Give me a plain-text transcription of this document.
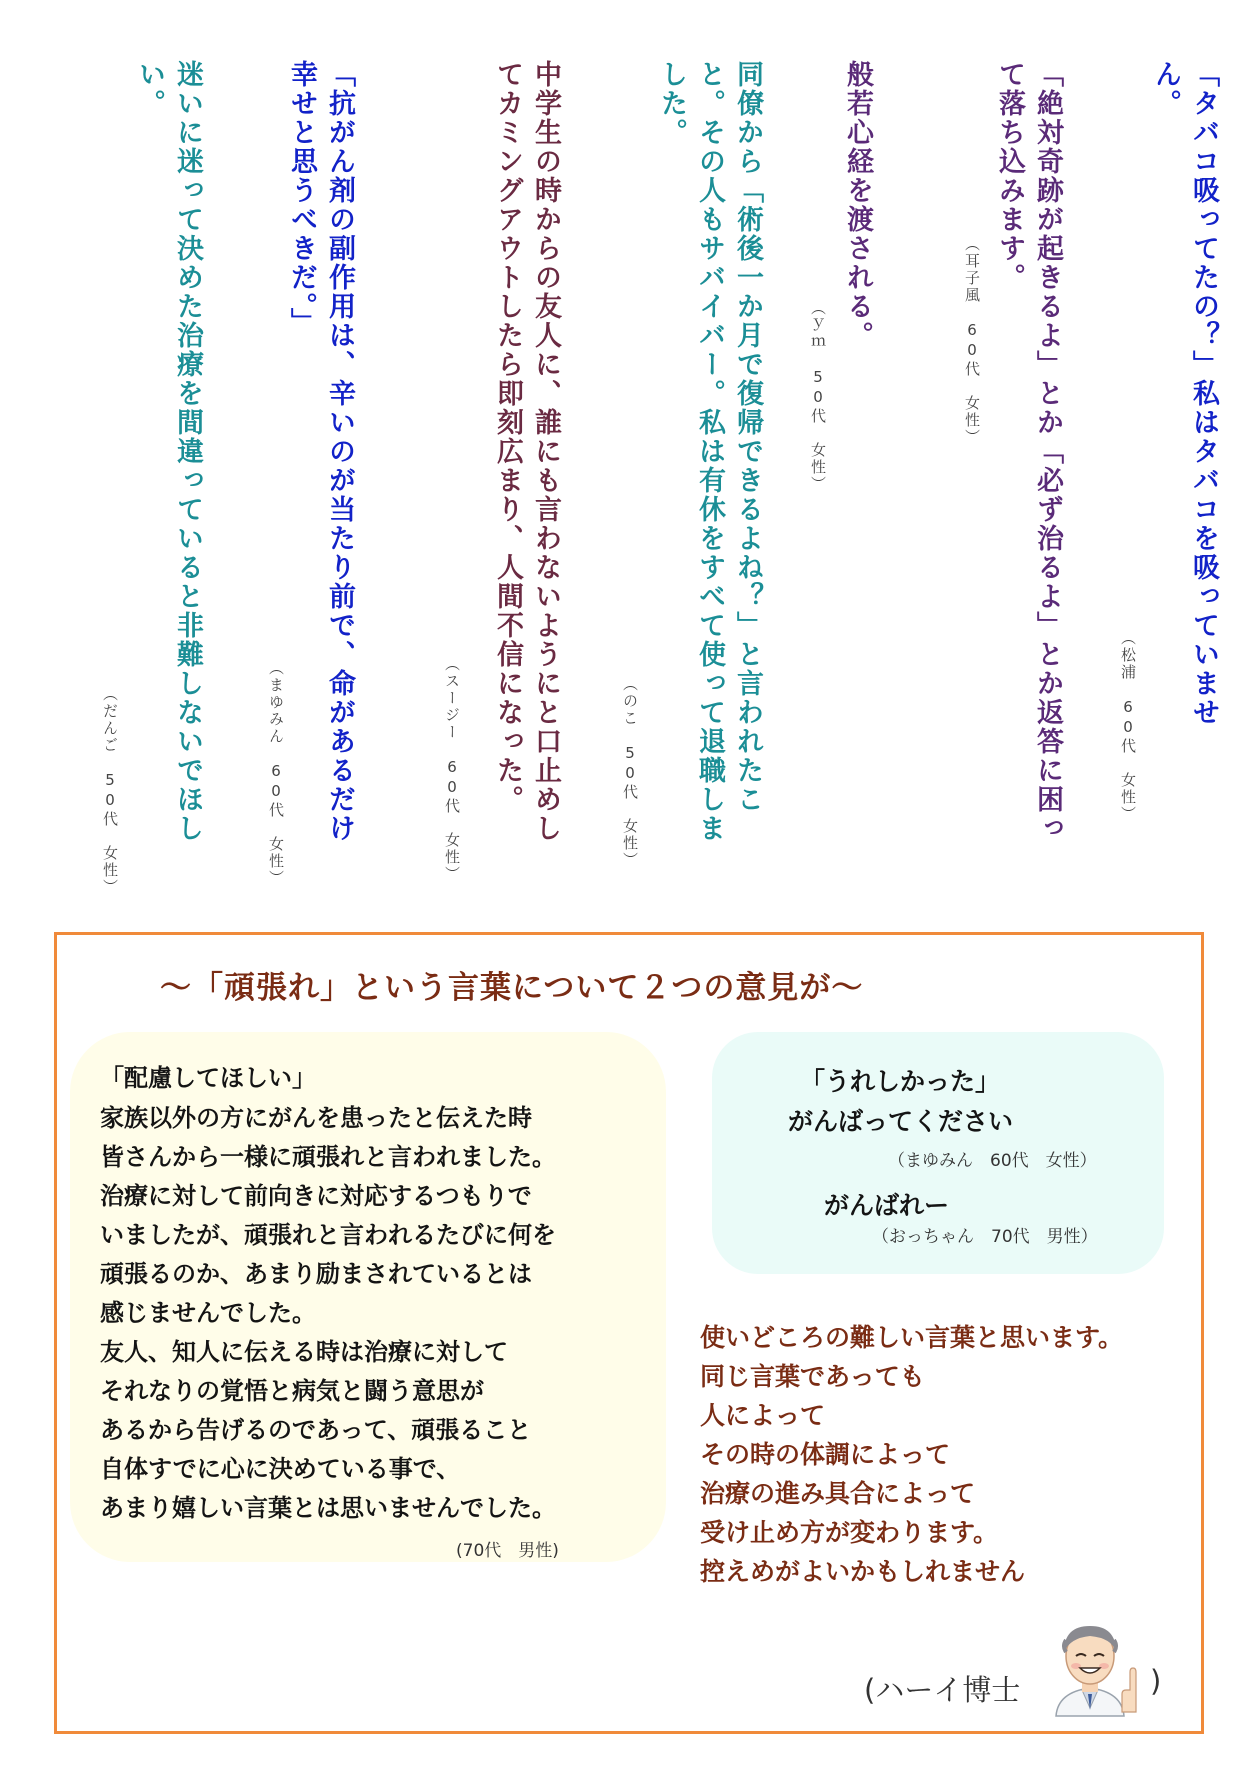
「タバコ吸ってたの？」私はタバコを吸っていません。

（松浦　60代　女性）

「絶対奇跡が起きるよ」とか「必ず治るよ」とか返答に困って落ち込みます。

（耳子風　60代　女性）

般若心経を渡される。

（ｙｍ　50代　女性）

同僚から「術後一か月で復帰できるよね？」と言われたこと。その人もサバイバー。私は有休をすべて使って退職しました。

（のこ　50代　女性）

中学生の時からの友人に、誰にも言わないようにと口止めしてカミングアウトしたら即刻広まり、人間不信になった。

（スージー　60代　女性）

「抗がん剤の副作用は、辛いのが当たり前で、命があるだけ幸せと思うべきだ。」

（まゆみん　60代　女性）

迷いに迷って決めた治療を間違っていると非難しないでほしい。

（だんご　50代　女性）
〜「頑張れ」という言葉について２つの意見が〜
「配慮してほしい」
家族以外の方にがんを患ったと伝えた時
皆さんから一様に頑張れと言われました。
治療に対して前向きに対応するつもりで
いましたが、頑張れと言われるたびに何を
頑張るのか、あまり励まされているとは
感じませんでした。
友人、知人に伝える時は治療に対して
それなりの覚悟と病気と闘う意思が
あるから告げるのであって、頑張ること
自体すでに心に決めている事で、
あまり嬉しい言葉とは思いませんでした。
(70代　男性)
「うれしかった」
がんばってください
（まゆみん　60代　女性）
がんばれー
（おっちゃん　70代　男性）
使いどころの難しい言葉と思います。
同じ言葉であっても
人によって
その時の体調によって
治療の進み具合によって
受け止め方が変わります。
控えめがよいかもしれません
(ハーイ博士	)
